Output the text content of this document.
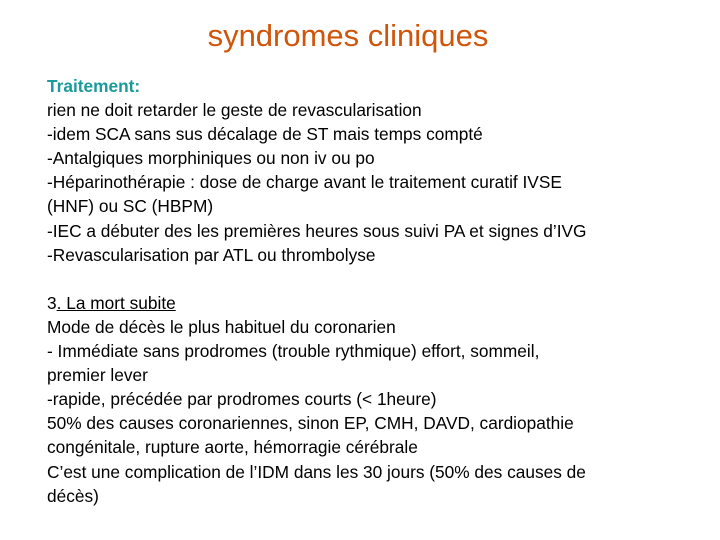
syndromes cliniques
Traitement:
rien ne doit retarder le geste de revascularisation
-idem SCA sans sus décalage de ST mais temps compté
-Antalgiques morphiniques ou non iv ou po
-Héparinothérapie : dose de charge avant le traitement curatif IVSE
(HNF) ou SC (HBPM)
-IEC a débuter des les premières heures sous suivi PA et signes d’IVG
-Revascularisation par ATL ou thrombolyse
3. La mort subite
Mode de décès le plus habituel du coronarien
- Immédiate sans prodromes (trouble rythmique) effort, sommeil,
premier lever
-rapide, précédée par prodromes courts (< 1heure)
50% des causes coronariennes, sinon EP, CMH, DAVD, cardiopathie
congénitale, rupture aorte, hémorragie cérébrale
C’est une complication de l’IDM dans les 30 jours (50% des causes de
décès)
